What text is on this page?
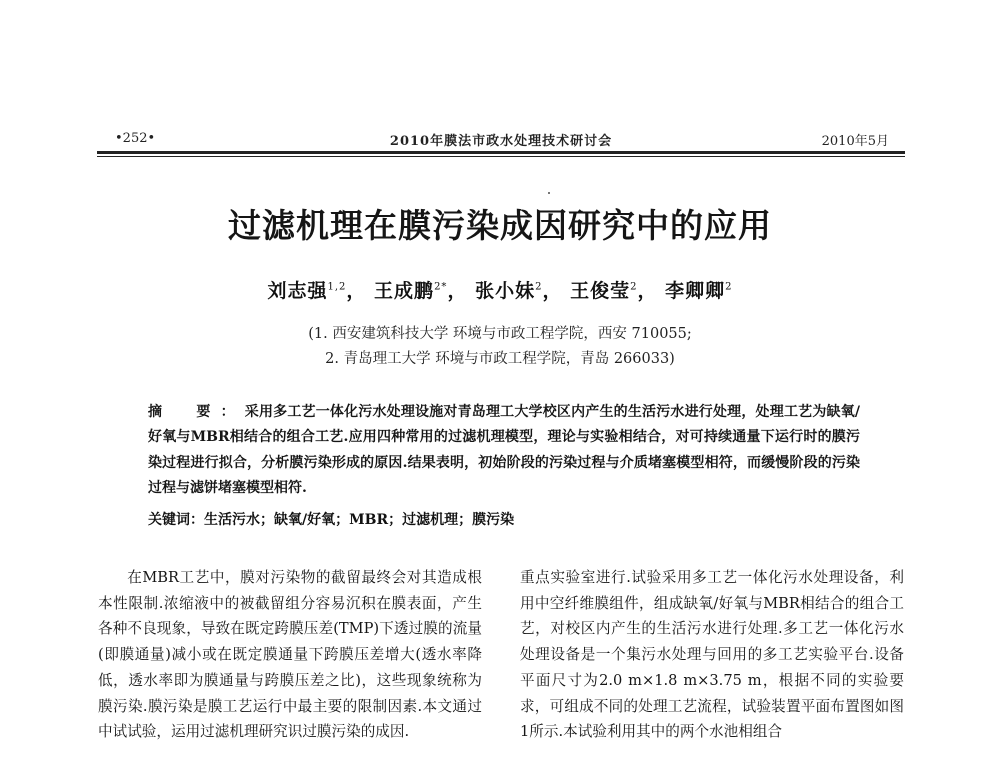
•252•	2010年膜法市政水处理技术研讨会	2010年5月
过滤机理在膜污染成因研究中的应用
刘志强$^{1,2}$， 王成鹏$^{2*}$， 张小妹$^2$， 王俊莹$^2$， 李卿卿$^2$
(1. 西安建筑科技大学 环境与市政工程学院，西安 710055;
2. 青岛理工大学 环境与市政工程学院，青岛 266033)
摘　要：采用多工艺一体化污水处理设施对青岛理工大学校区内产生的生活污水进行处理，处理工艺为缺氧/好氧与MBR相结合的组合工艺.应用四种常用的过滤机理模型，理论与实验相结合，对可持续通量下运行时的膜污染过程进行拟合，分析膜污染形成的原因.结果表明，初始阶段的污染过程与介质堵塞模型相符，而缓慢阶段的污染过程与滤饼堵塞模型相符.
关键词：生活污水；缺氧/好氧；MBR；过滤机理；膜污染

在MBR工艺中，膜对污染物的截留最终会对其造成根本性限制.浓缩液中的被截留组分容易沉积在膜表面，产生各种不良现象，导致在既定跨膜压差(TMP)下透过膜的流量(即膜通量)减小或在既定膜通量下跨膜压差增大(透水率降低，透水率即为膜通量与跨膜压差之比)，这些现象统称为膜污染.膜污染是膜工艺运行中最主要的限制因素.本文通过中试试验，运用过滤机理研究识过膜污染的成因.

重点实验室进行.试验采用多工艺一体化污水处理设备，利用中空纤维膜组件，组成缺氧/好氧与MBR相结合的组合工艺，对校区内产生的生活污水进行处理.多工艺一体化污水处理设备是一个集污水处理与回用的多工艺实验平台.设备平面尺寸为2.0 m×1.8 m×3.75 m，根据不同的实验要求，可组成不同的处理工艺流程，试验装置平面布置图如图1所示.本试验利用其中的两个水池相组合
